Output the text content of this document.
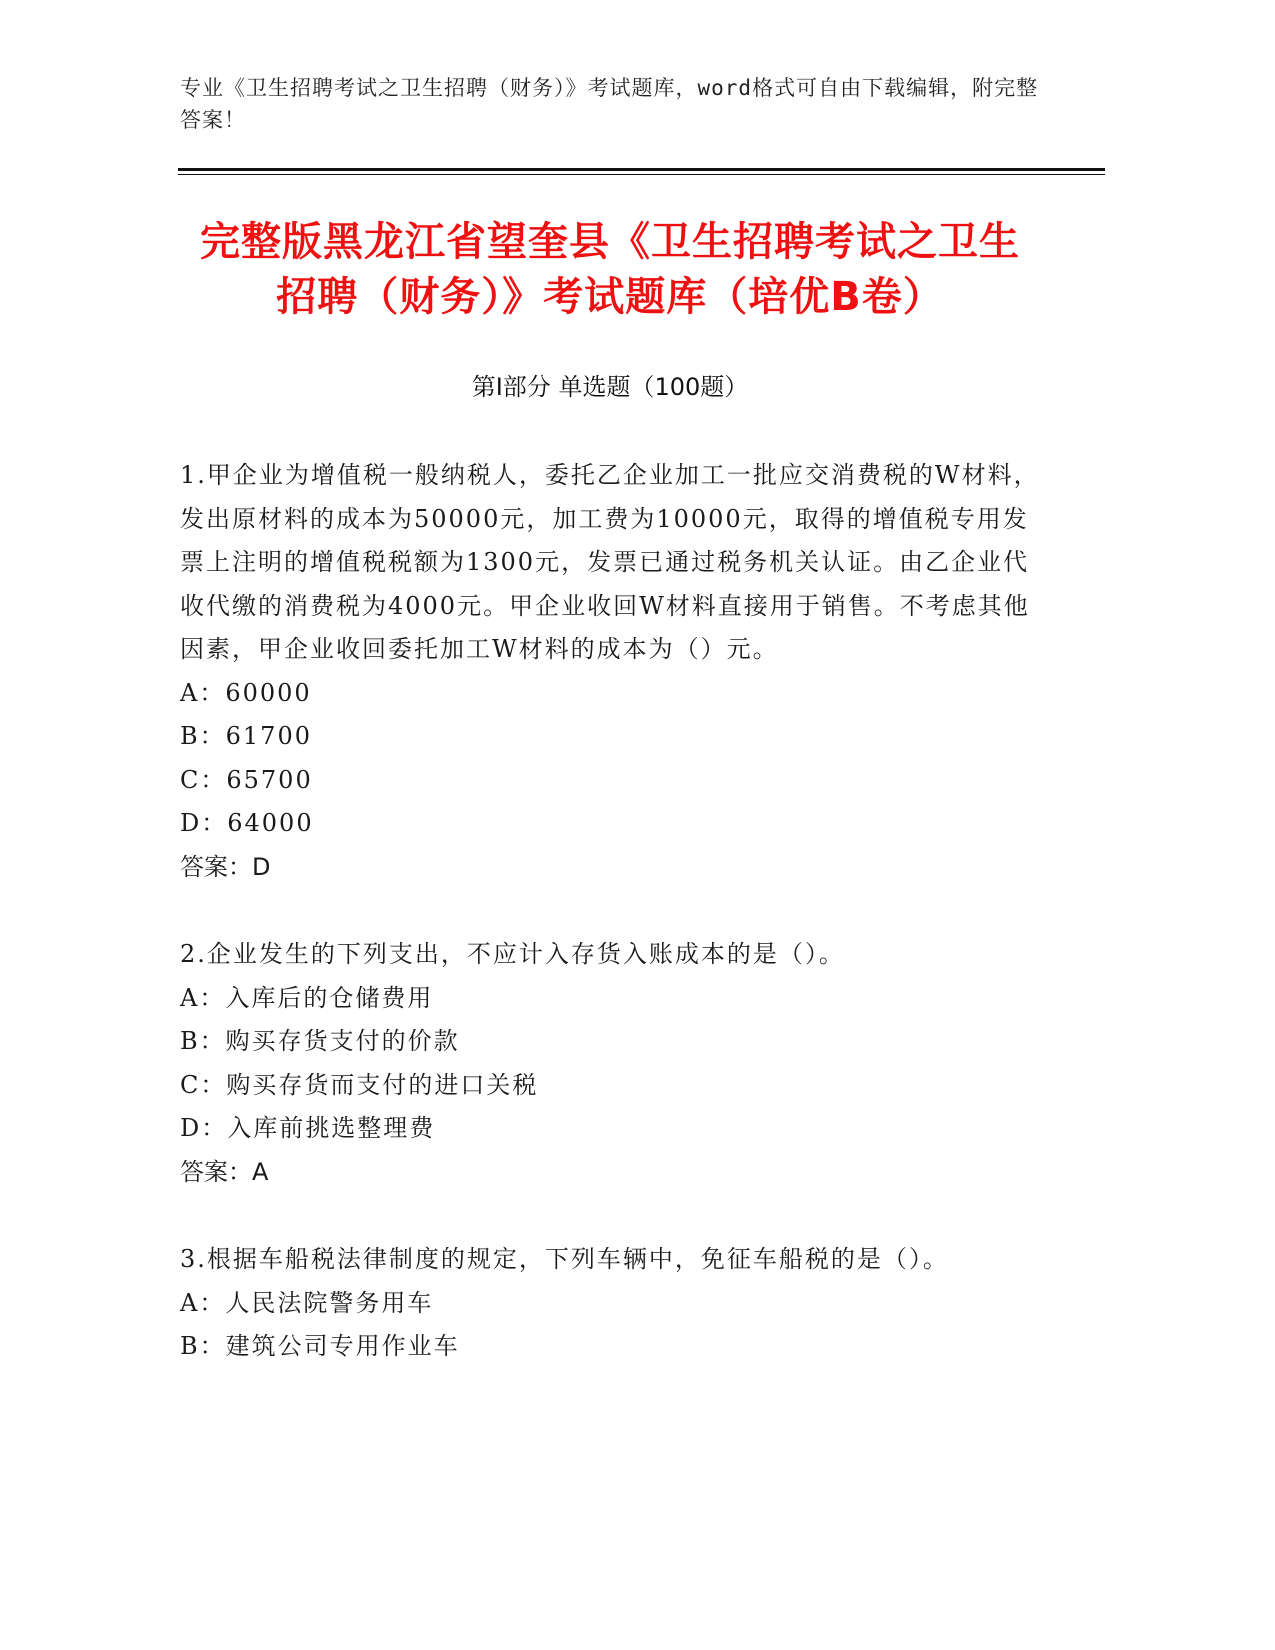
专业《卫生招聘考试之卫生招聘（财务）》考试题库，word格式可自由下载编辑，附完整答案！
完整版黑龙江省望奎县《卫生招聘考试之卫生招聘（财务）》考试题库（培优B卷）
第Ⅰ部分 单选题（100题）
1.甲企业为增值税一般纳税人，委托乙企业加工一批应交消费税的W材料，发出原材料的成本为50000元，加工费为10000元，取得的增值税专用发票上注明的增值税税额为1300元，发票已通过税务机关认证。由乙企业代收代缴的消费税为4000元。甲企业收回W材料直接用于销售。不考虑其他因素，甲企业收回委托加工W材料的成本为（）元。
A：60000
B：61700
C：65700
D：64000
答案：D
2.企业发生的下列支出，不应计入存货入账成本的是（）。
A：入库后的仓储费用
B：购买存货支付的价款
C：购买存货而支付的进口关税
D：入库前挑选整理费
答案：A
3.根据车船税法律制度的规定，下列车辆中，免征车船税的是（）。
A：人民法院警务用车
B：建筑公司专用作业车
